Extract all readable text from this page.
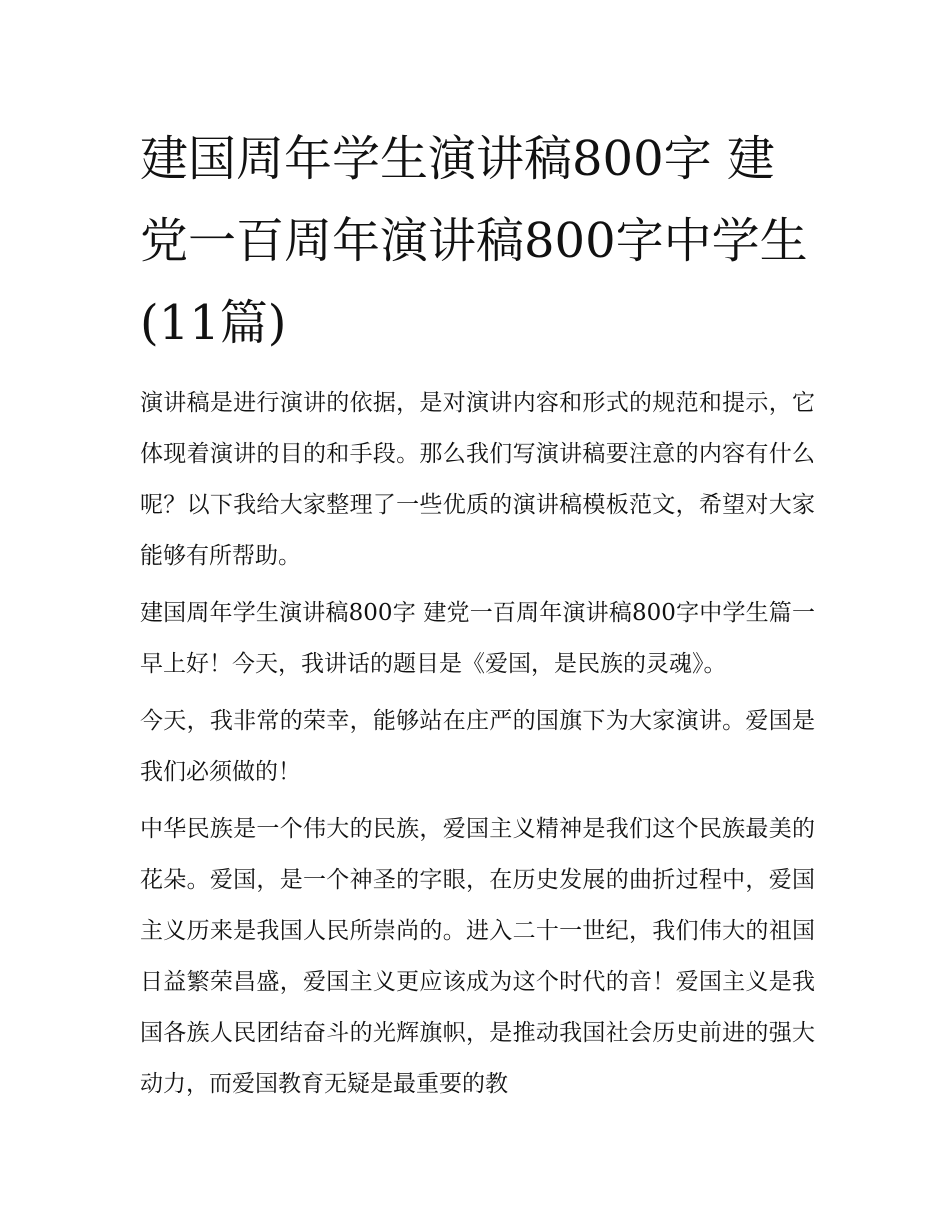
建国周年学生演讲稿800字 建党一百周年演讲稿800字中学生(11篇)

演讲稿是进行演讲的依据，是对演讲内容和形式的规范和提示，它体现着演讲的目的和手段。那么我们写演讲稿要注意的内容有什么呢？以下我给大家整理了一些优质的演讲稿模板范文，希望对大家能够有所帮助。

建国周年学生演讲稿800字 建党一百周年演讲稿800字中学生篇一 早上好！今天，我讲话的题目是《爱国，是民族的灵魂》。

今天，我非常的荣幸，能够站在庄严的国旗下为大家演讲。爱国是我们必须做的！

中华民族是一个伟大的民族，爱国主义精神是我们这个民族最美的花朵。爱国，是一个神圣的字眼，在历史发展的曲折过程中，爱国主义历来是我国人民所崇尚的。进入二十一世纪，我们伟大的祖国日益繁荣昌盛，爱国主义更应该成为这个时代的音！爱国主义是我国各族人民团结奋斗的光辉旗帜，是推动我国社会历史前进的强大动力，而爱国教育无疑是最重要的教
